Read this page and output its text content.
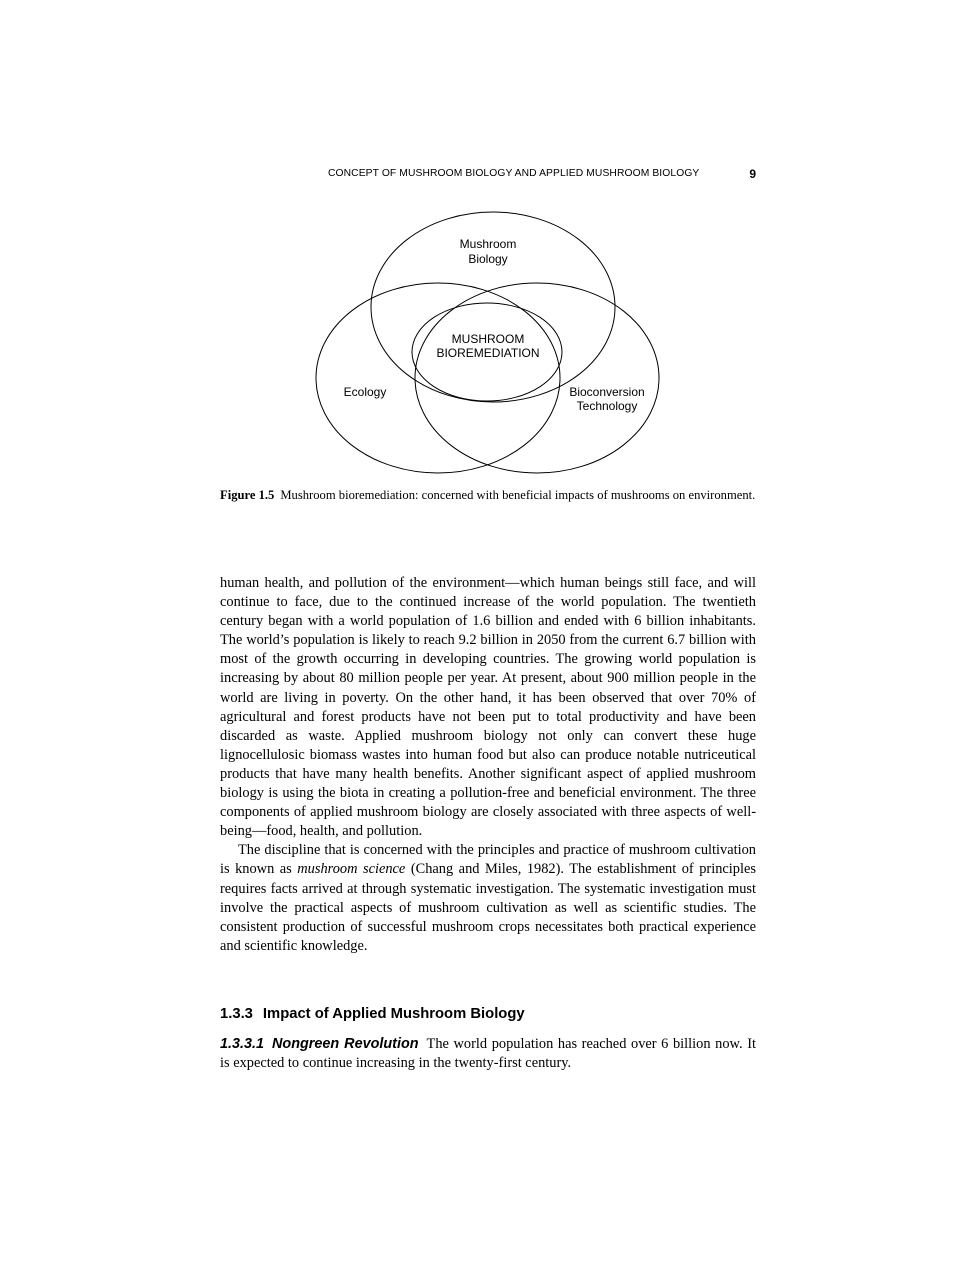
CONCEPT OF MUSHROOM BIOLOGY AND APPLIED MUSHROOM BIOLOGY	9
Mushroom
Biology
MUSHROOM
BIOREMEDIATION
Ecology	Bioconversion
Technology
Figure 1.5 Mushroom bioremediation: concerned with beneficial impacts of mushrooms on environment.

human health, and pollution of the environment—which human beings still face, and will continue to face, due to the continued increase of the world population. The twentieth century began with a world population of 1.6 billion and ended with 6 billion inhabitants. The world’s population is likely to reach 9.2 billion in 2050 from the current 6.7 billion with most of the growth occurring in developing countries. The growing world population is increasing by about 80 million people per year. At present, about 900 million people in the world are living in poverty. On the other hand, it has been observed that over 70% of agricultural and forest products have not been put to total productivity and have been discarded as waste. Applied mushroom biology not only can convert these huge lignocellulosic biomass wastes into human food but also can produce notable nutriceutical products that have many health benefits. Another significant aspect of applied mushroom biology is using the biota in creating a pollution-free and beneficial environment. The three components of applied mushroom biology are closely associated with three aspects of well-being—food, health, and pollution.

The discipline that is concerned with the principles and practice of mushroom cultivation is known as mushroom science (Chang and Miles, 1982). The establishment of principles requires facts arrived at through systematic investigation. The systematic investigation must involve the practical aspects of mushroom cultivation as well as scientific studies. The consistent production of successful mushroom crops necessitates both practical experience and scientific knowledge.

1.3.3 Impact of Applied Mushroom Biology
1.3.3.1 Nongreen Revolution The world population has reached over 6 billion now. It is expected to continue increasing in the twenty-first century.
